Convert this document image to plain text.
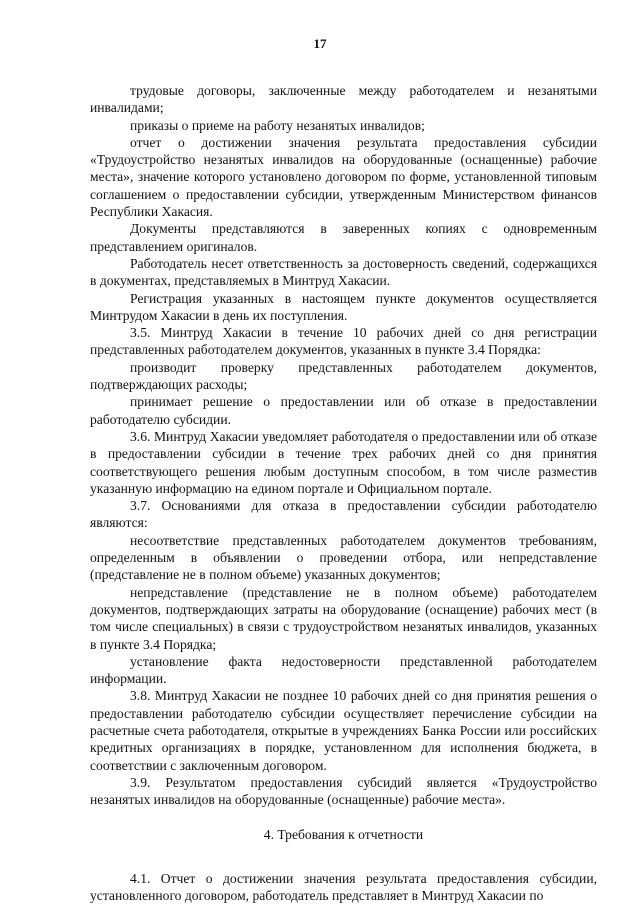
17

трудовые договоры, заключенные между работодателем и незанятыми инвалидами;

приказы о приеме на работу незанятых инвалидов;

отчет о достижении значения результата предоставления субсидии «Трудоустройство незанятых инвалидов на оборудованные (оснащенные) рабочие места», значение которого установлено договором по форме, установленной типовым соглашением о предоставлении субсидии, утвержденным Министерством финансов Республики Хакасия.

Документы представляются в заверенных копиях с одновременным представлением оригиналов.

Работодатель несет ответственность за достоверность сведений, содержащихся в документах, представляемых в Минтруд Хакасии.

Регистрация указанных в настоящем пункте документов осуществляется Минтрудом Хакасии в день их поступления.

3.5. Минтруд Хакасии в течение 10 рабочих дней со дня регистрации представленных работодателем документов, указанных в пункте 3.4 Порядка:

производит проверку представленных работодателем документов, подтверждающих расходы;

принимает решение о предоставлении или об отказе в предоставлении работодателю субсидии.

3.6. Минтруд Хакасии уведомляет работодателя о предоставлении или об отказе в предоставлении субсидии в течение трех рабочих дней со дня принятия соответствующего решения любым доступным способом, в том числе разместив указанную информацию на едином портале и Официальном портале.

3.7. Основаниями для отказа в предоставлении субсидии работодателю являются:

несоответствие представленных работодателем документов требованиям, определенным в объявлении о проведении отбора, или непредставление (представление не в полном объеме) указанных документов;

непредставление (представление не в полном объеме) работодателем документов, подтверждающих затраты на оборудование (оснащение) рабочих мест (в том числе специальных) в связи с трудоустройством незанятых инвалидов, указанных в пункте 3.4 Порядка;

установление факта недостоверности представленной работодателем информации.

3.8. Минтруд Хакасии не позднее 10 рабочих дней со дня принятия решения о предоставлении работодателю субсидии осуществляет перечисление субсидии на расчетные счета работодателя, открытые в учреждениях Банка России или российских кредитных организациях в порядке, установленном для исполнения бюджета, в соответствии с заключенным договором.

3.9. Результатом предоставления субсидий является «Трудоустройство незанятых инвалидов на оборудованные (оснащенные) рабочие места».

4. Требования к отчетности

4.1. Отчет о достижении значения результата предоставления субсидии, установленного договором, работодатель представляет в Минтруд Хакасии по
